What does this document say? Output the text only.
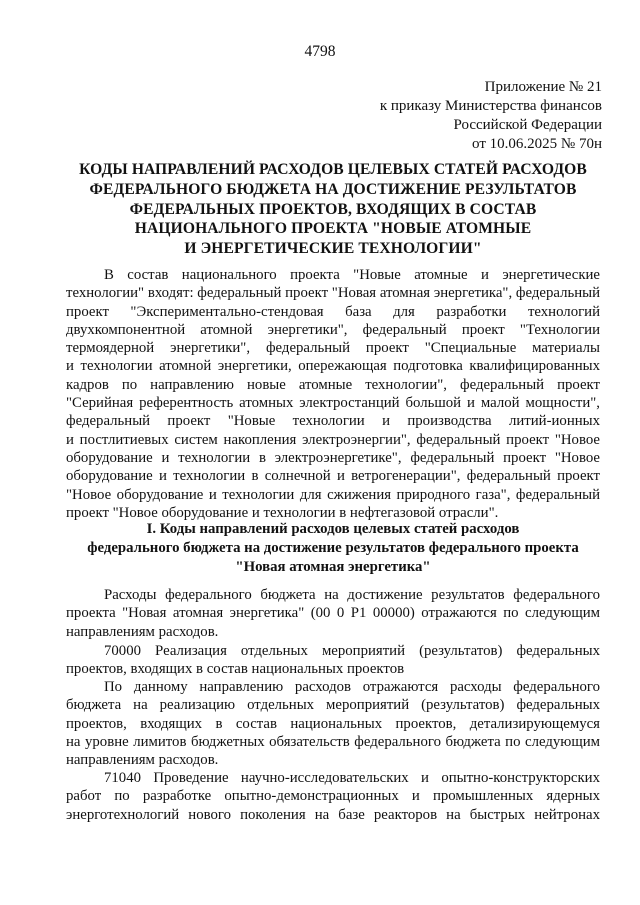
4798
Приложение № 21
к приказу Министерства финансов
Российской Федерации
от 10.06.2025 № 70н
КОДЫ НАПРАВЛЕНИЙ РАСХОДОВ ЦЕЛЕВЫХ СТАТЕЙ РАСХОДОВ
ФЕДЕРАЛЬНОГО БЮДЖЕТА НА ДОСТИЖЕНИЕ РЕЗУЛЬТАТОВ
ФЕДЕРАЛЬНЫХ ПРОЕКТОВ, ВХОДЯЩИХ В СОСТАВ
НАЦИОНАЛЬНОГО ПРОЕКТА "НОВЫЕ АТОМНЫЕ
И ЭНЕРГЕТИЧЕСКИЕ ТЕХНОЛОГИИ"
В состав национального проекта "Новые атомные и энергетические
технологии" входят: федеральный проект "Новая атомная энергетика", федеральный
проект "Экспериментально-стендовая база для разработки технологий
двухкомпонентной атомной энергетики", федеральный проект "Технологии
термоядерной энергетики", федеральный проект "Специальные материалы
и технологии атомной энергетики, опережающая подготовка квалифицированных
кадров по направлению новые атомные технологии", федеральный проект
"Серийная референтность атомных электростанций большой и малой мощности",
федеральный проект "Новые технологии и производства литий-ионных
и постлитиевых систем накопления электроэнергии", федеральный проект "Новое
оборудование и технологии в электроэнергетике", федеральный проект "Новое
оборудование и технологии в солнечной и ветрогенерации", федеральный проект
"Новое оборудование и технологии для сжижения природного газа", федеральный
проект "Новое оборудование и технологии в нефтегазовой отрасли".
I. Коды направлений расходов целевых статей расходов
федерального бюджета на достижение результатов федерального проекта
"Новая атомная энергетика"
Расходы федерального бюджета на достижение результатов федерального
проекта "Новая атомная энергетика" (00 0 Р1 00000) отражаются по следующим
направлениям расходов.
70000 Реализация отдельных мероприятий (результатов) федеральных
проектов, входящих в состав национальных проектов
По данному направлению расходов отражаются расходы федерального
бюджета на реализацию отдельных мероприятий (результатов) федеральных
проектов, входящих в состав национальных проектов, детализирующемуся
на уровне лимитов бюджетных обязательств федерального бюджета по следующим
направлениям расходов.
71040 Проведение научно-исследовательских и опытно-конструкторских
работ по разработке опытно-демонстрационных и промышленных ядерных
энерготехнологий нового поколения на базе реакторов на быстрых нейтронах
